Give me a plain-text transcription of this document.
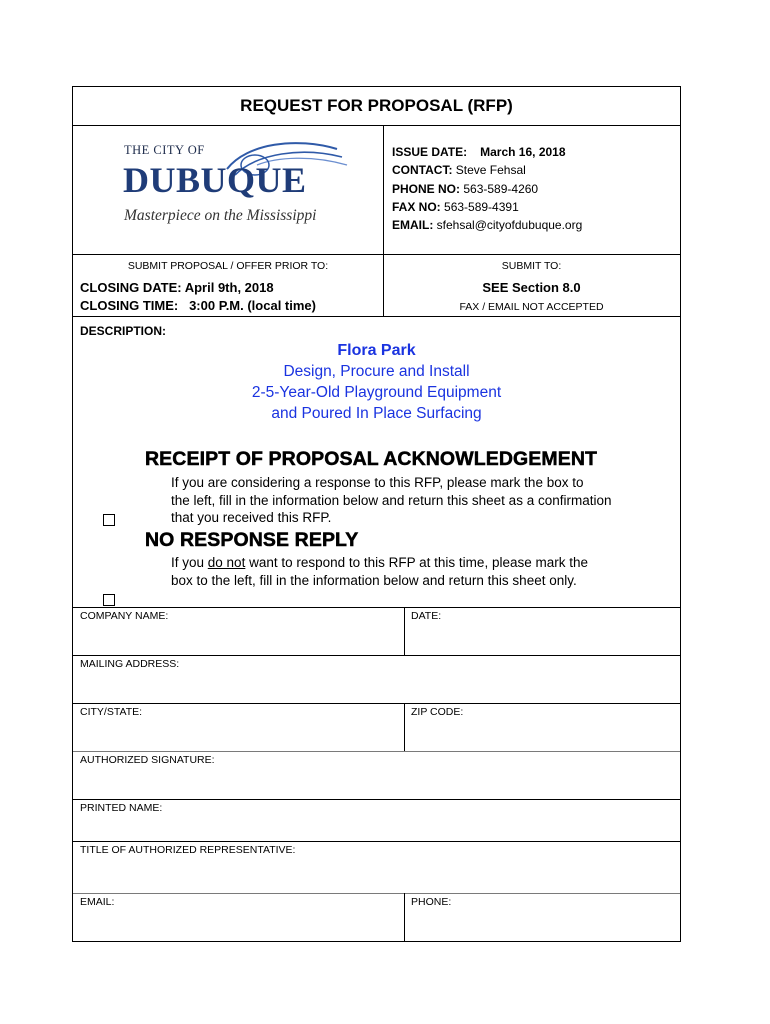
REQUEST FOR PROPOSAL (RFP)
THE CITY OF
DUBUQUE
Masterpiece on the Mississippi
ISSUE DATE: March 16, 2018
CONTACT: Steve Fehsal
PHONE NO: 563-589-4260
FAX NO: 563-589-4391
EMAIL: sfehsal@cityofdubuque.org
SUBMIT PROPOSAL / OFFER PRIOR TO:
CLOSING DATE: April 9th, 2018
CLOSING TIME: 3:00 P.M. (local time)
SUBMIT TO:
SEE Section 8.0
FAX / EMAIL NOT ACCEPTED
DESCRIPTION:
Flora Park
Design, Procure and Install
2-5-Year-Old Playground Equipment
and Poured In Place Surfacing
RECEIPT OF PROPOSAL ACKNOWLEDGEMENT
If you are considering a response to this RFP, please mark the box to
the left, fill in the information below and return this sheet as a confirmation
that you received this RFP.
NO RESPONSE REPLY
If you do not want to respond to this RFP at this time, please mark the
box to the left, fill in the information below and return this sheet only.
COMPANY NAME:	DATE:
MAILING ADDRESS:
CITY/STATE:	ZIP CODE:
AUTHORIZED SIGNATURE:
PRINTED NAME:
TITLE OF AUTHORIZED REPRESENTATIVE:
EMAIL:	PHONE:
